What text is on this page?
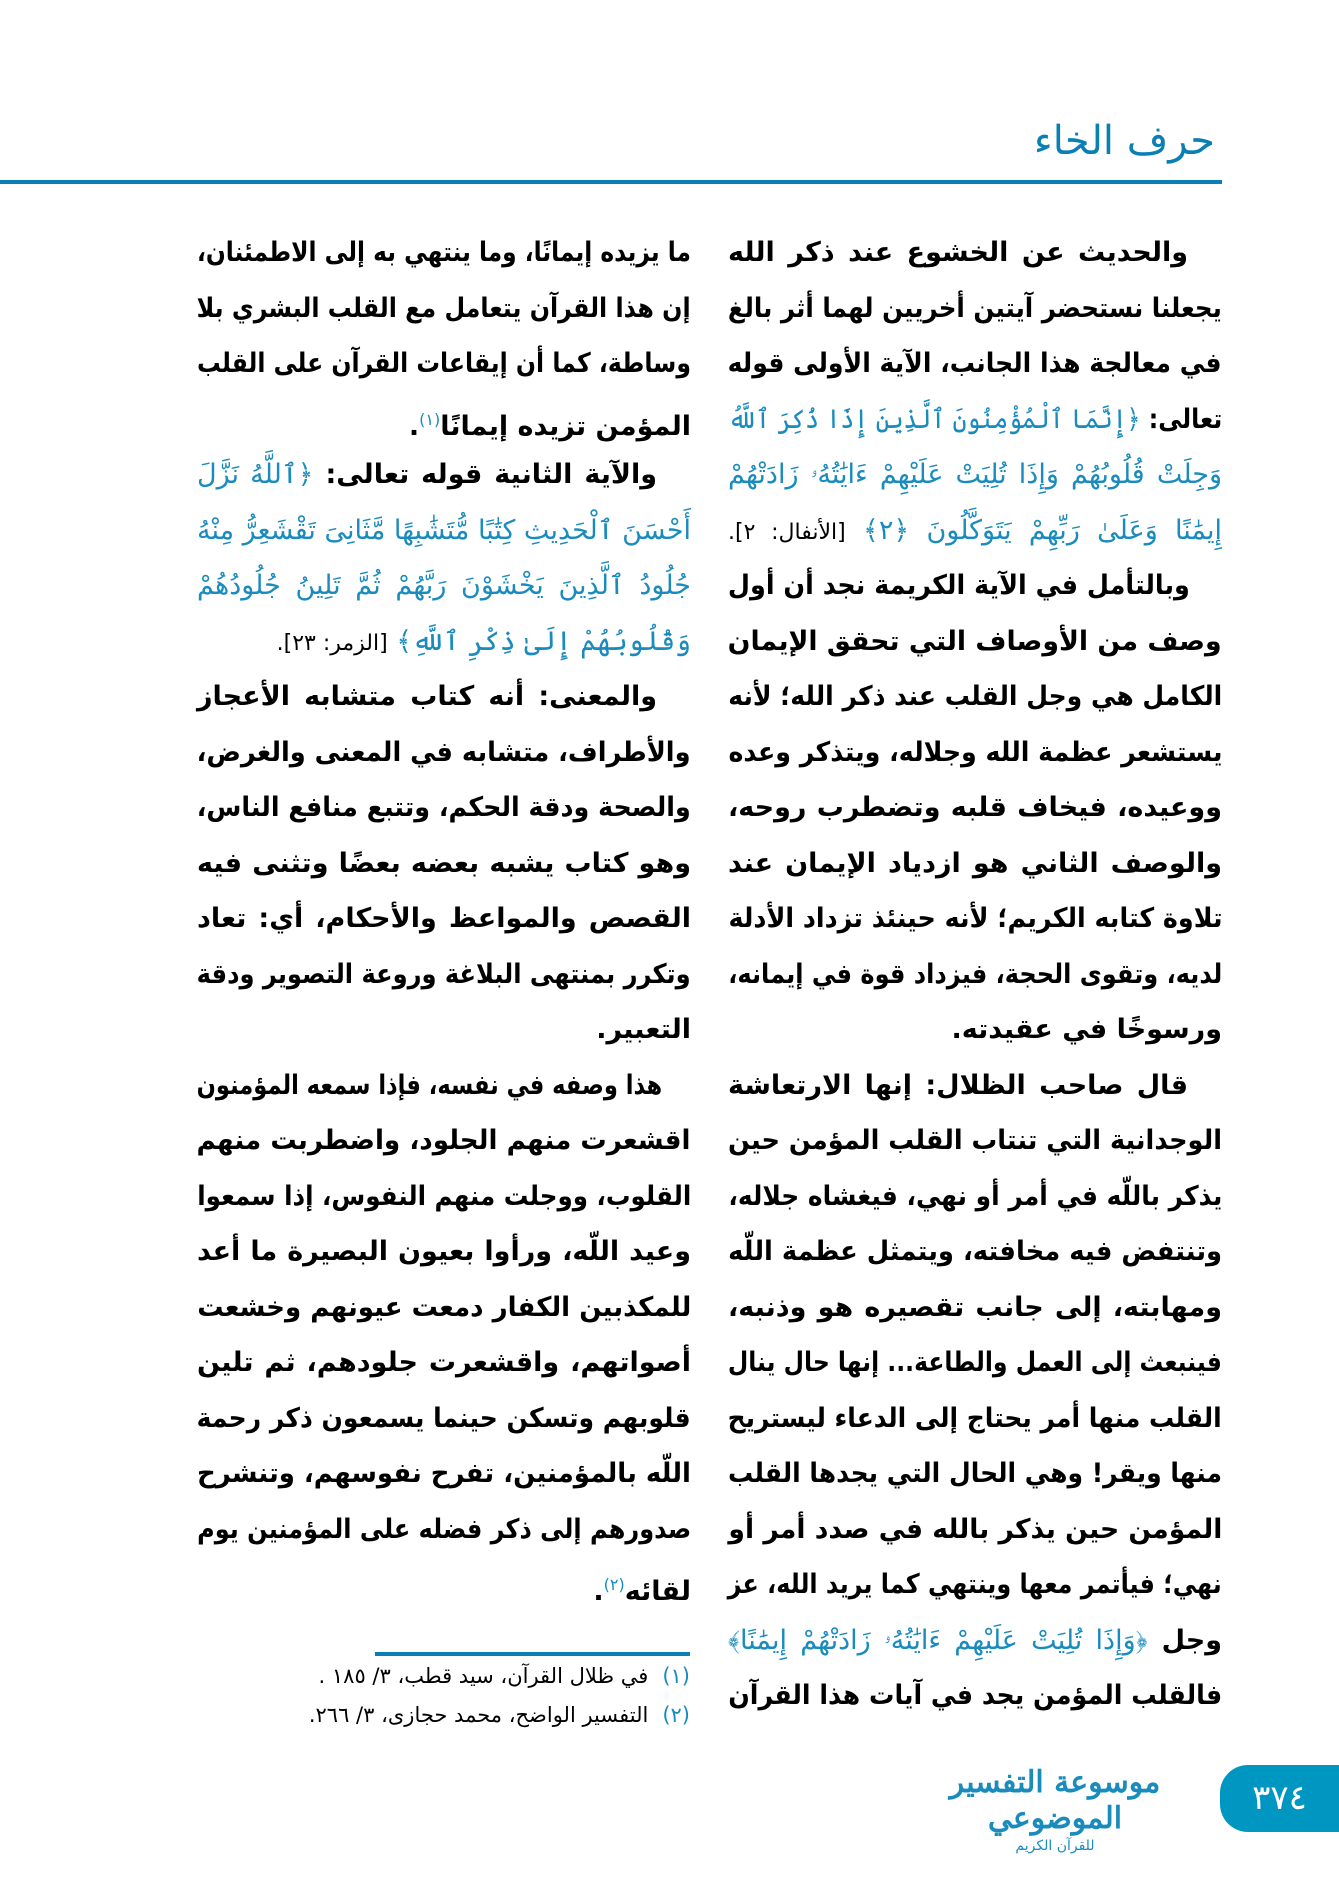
حرف الخاء
والحديث عن الخشوع عند ذكر الله
يجعلنا نستحضر آيتين أخريين لهما أثر بالغ
في معالجة هذا الجانب، الآية الأولى قوله
تعالى: ﴿إِنَّمَا ٱلْمُؤْمِنُونَ ٱلَّذِينَ إِذَا ذُكِرَ ٱللَّهُ
وَجِلَتْ قُلُوبُهُمْ وَإِذَا تُلِيَتْ عَلَيْهِمْ ءَايَٰتُهُۥ زَادَتْهُمْ
إِيمَٰنًا وَعَلَىٰ رَبِّهِمْ يَتَوَكَّلُونَ ﴿٢﴾ [الأنفال: ٢].
وبالتأمل في الآية الكريمة نجد أن أول
وصف من الأوصاف التي تحقق الإيمان
الكامل هي وجل القلب عند ذكر الله؛ لأنه
يستشعر عظمة الله وجلاله، ويتذكر وعده
ووعيده، فيخاف قلبه وتضطرب روحه،
والوصف الثاني هو ازدياد الإيمان عند
تلاوة كتابه الكريم؛ لأنه حينئذ تزداد الأدلة
لديه، وتقوى الحجة، فيزداد قوة في إيمانه،
ورسوخًا في عقيدته.
قال صاحب الظلال: إنها الارتعاشة
الوجدانية التي تنتاب القلب المؤمن حين
يذكر باللّه في أمر أو نهي، فيغشاه جلاله،
وتنتفض فيه مخافته، ويتمثل عظمة اللّه
ومهابته، إلى جانب تقصيره هو وذنبه،
فينبعث إلى العمل والطاعة... إنها حال ينال
القلب منها أمر يحتاج إلى الدعاء ليستريح
منها ويقر! وهي الحال التي يجدها القلب
المؤمن حين يذكر بالله في صدد أمر أو
نهي؛ فيأتمر معها وينتهي كما يريد الله، عز
وجل ﴿وَإِذَا تُلِيَتْ عَلَيْهِمْ ءَايَٰتُهُۥ زَادَتْهُمْ إِيمَٰنًا﴾
فالقلب المؤمن يجد في آيات هذا القرآن
ما يزيده إيمانًا، وما ينتهي به إلى الاطمئنان،
إن هذا القرآن يتعامل مع القلب البشري بلا
وساطة، كما أن إيقاعات القرآن على القلب
المؤمن تزيده إيمانًا$^{(١)}$.
والآية الثانية قوله تعالى: ﴿ٱللَّهُ نَزَّلَ
أَحْسَنَ ٱلْحَدِيثِ كِتَٰبًا مُّتَشَٰبِهًا مَّثَانِىَ تَقْشَعِرُّ مِنْهُ
جُلُودُ ٱلَّذِينَ يَخْشَوْنَ رَبَّهُمْ ثُمَّ تَلِينُ جُلُودُهُمْ
وَقُلُوبُهُمْ إِلَىٰ ذِكْرِ ٱللَّهِ﴾ [الزمر: ٢٣].
والمعنى: أنه كتاب متشابه الأعجاز
والأطراف، متشابه في المعنى والغرض،
والصحة ودقة الحكم، وتتبع منافع الناس،
وهو كتاب يشبه بعضه بعضًا وتثنى فيه
القصص والمواعظ والأحكام، أي: تعاد
وتكرر بمنتهى البلاغة وروعة التصوير ودقة
التعبير.
هذا وصفه في نفسه، فإذا سمعه المؤمنون
اقشعرت منهم الجلود، واضطربت منهم
القلوب، ووجلت منهم النفوس، إذا سمعوا
وعيد اللّه، ورأوا بعيون البصيرة ما أعد
للمكذبين الكفار دمعت عيونهم وخشعت
أصواتهم، واقشعرت جلودهم، ثم تلين
قلوبهم وتسكن حينما يسمعون ذكر رحمة
اللّه بالمؤمنين، تفرح نفوسهم، وتنشرح
صدورهم إلى ذكر فضله على المؤمنين يوم
لقائه$^{(٢)}$.
(١)في ظلال القرآن، سيد قطب، ٣/ ١٨٥ .
(٢)التفسير الواضح، محمد حجازى، ٣/ ٢٦٦.
موسوعة التفسير الموضوعي
للقرآن الكريم
٣٧٤
